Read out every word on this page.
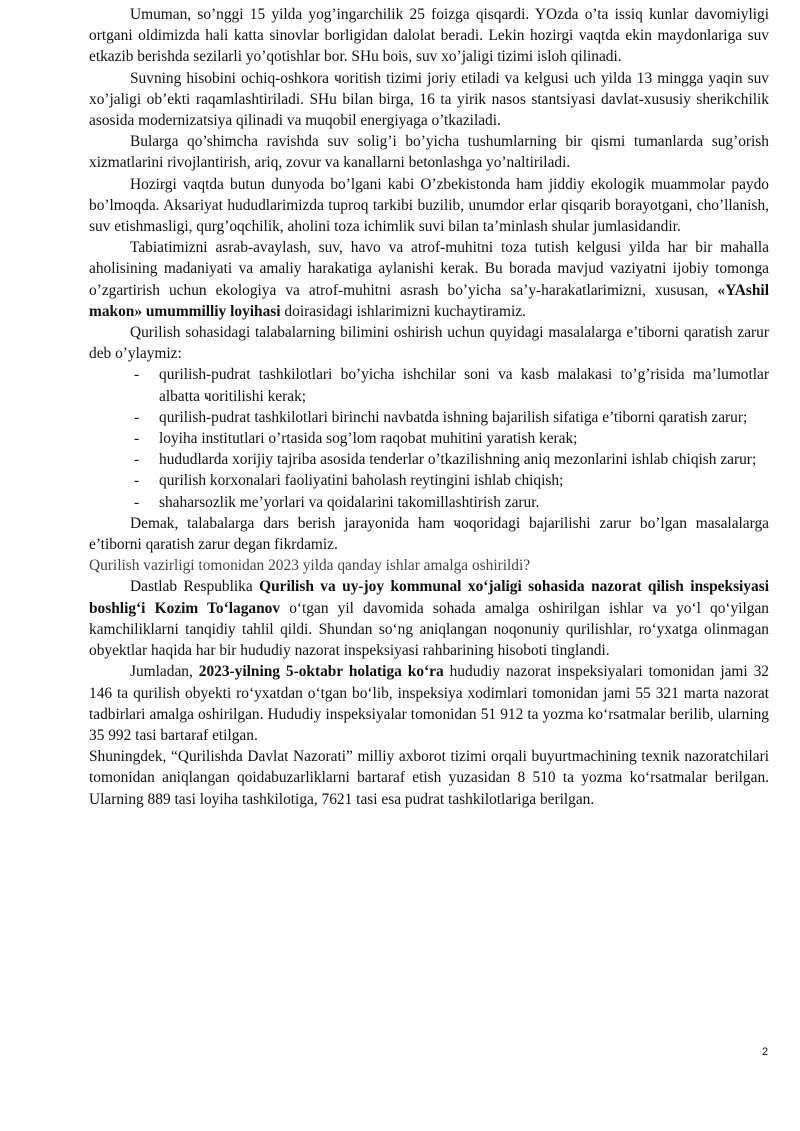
Umuman, so’nggi 15 yilda yog’ingarchilik 25 foizga qisqardi. YOzda o’ta issiq kunlar davomiyligi ortgani oldimizda hali katta sinovlar borligidan dalolat beradi. Lekin hozirgi vaqtda ekin maydonlariga suv etkazib berishda sezilarli yo’qotishlar bor. SHu bois, suv xo’jaligi tizimi isloh qilinadi.

Suvning hisobini ochiq-oshkora ҹoritish tizimi joriy etiladi va kelgusi uch yilda 13 mingga yaqin suv xo’jaligi ob’ekti raqamlashtiriladi. SHu bilan birga, 16 ta yirik nasos stantsiyasi davlat-xususiy sherikchilik asosida modernizatsiya qilinadi va muqobil energiyaga o’tkaziladi.

Bularga qo’shimcha ravishda suv solig’i bo’yicha tushumlarning bir qismi tumanlarda sug’orish xizmatlarini rivojlantirish, ariq, zovur va kanallarni betonlashga yo’naltiriladi.

Hozirgi vaqtda butun dunyoda bo’lgani kabi O’zbekistonda ham jiddiy ekologik muammolar paydo bo’lmoqda. Aksariyat hududlarimizda tuproq tarkibi buzilib, unumdor erlar qisqarib borayotgani, cho’llanish, suv etishmasligi, qurg’oqchilik, aholini toza ichimlik suvi bilan ta’minlash shular jumlasidandir.

Tabiatimizni asrab-avaylash, suv, havo va atrof-muhitni toza tutish kelgusi yilda har bir mahalla aholisining madaniyati va amaliy harakatiga aylanishi kerak. Bu borada mavjud vaziyatni ijobiy tomonga o’zgartirish uchun ekologiya va atrof-muhitni asrash bo’yicha sa’y-harakatlarimizni, xususan, «YAshil makon» umummilliy loyihasi doirasidagi ishlarimizni kuchaytiramiz.

Qurilish sohasidagi talabalarning bilimini oshirish uchun quyidagi masalalarga e’tiborni qaratish zarur deb o’ylaymiz:

- qurilish-pudrat tashkilotlari bo’yicha ishchilar soni va kasb malakasi to’g’risida ma’lumotlar albatta ҹoritilishi kerak;
- qurilish-pudrat tashkilotlari birinchi navbatda ishning bajarilish sifatiga e’tiborni qaratish zarur;
- loyiha institutlari o’rtasida sog’lom raqobat muhitini yaratish kerak;
- hududlarda xorijiy tajriba asosida tenderlar o’tkazilishning aniq mezonlarini ishlab chiqish zarur;
- qurilish korxonalari faoliyatini baholash reytingini ishlab chiqish;
- shaharsozlik me’yorlari va qoidalarini takomillashtirish zarur.

Demak, talabalarga dars berish jarayonida ham ҹoqoridagi bajarilishi zarur bo’lgan masalalarga e’tiborni qaratish zarur degan fikrdamiz.

Qurilish vazirligi tomonidan 2023 yilda qanday ishlar amalga oshirildi?

Dastlab Respublika Qurilish va uy-joy kommunal xo‘jaligi sohasida nazorat qilish inspeksiyasi boshlig‘i Kozim To‘laganov o‘tgan yil davomida sohada amalga oshirilgan ishlar va yo‘l qo‘yilgan kamchiliklarni tanqidiy tahlil qildi. Shundan so‘ng aniqlangan noqonuniy qurilishlar, ro‘yxatga olinmagan obyektlar haqida har bir hududiy nazorat inspeksiyasi rahbarining hisoboti tinglandi.

Jumladan, 2023-yilning 5-oktabr holatiga ko‘ra hududiy nazorat inspeksiyalari tomonidan jami 32 146 ta qurilish obyekti ro‘yxatdan o‘tgan bo‘lib, inspeksiya xodimlari tomonidan jami 55 321 marta nazorat tadbirlari amalga oshirilgan. Hududiy inspeksiyalar tomonidan 51 912 ta yozma ko‘rsatmalar berilib, ularning 35 992 tasi bartaraf etilgan.

Shuningdek, “Qurilishda Davlat Nazorati” milliy axborot tizimi orqali buyurtmachining texnik nazoratchilari tomonidan aniqlangan qoidabuzarliklarni bartaraf etish yuzasidan 8 510 ta yozma ko‘rsatmalar berilgan. Ularning 889 tasi loyiha tashkilotiga, 7621 tasi esa pudrat tashkilotlariga berilgan.

2
